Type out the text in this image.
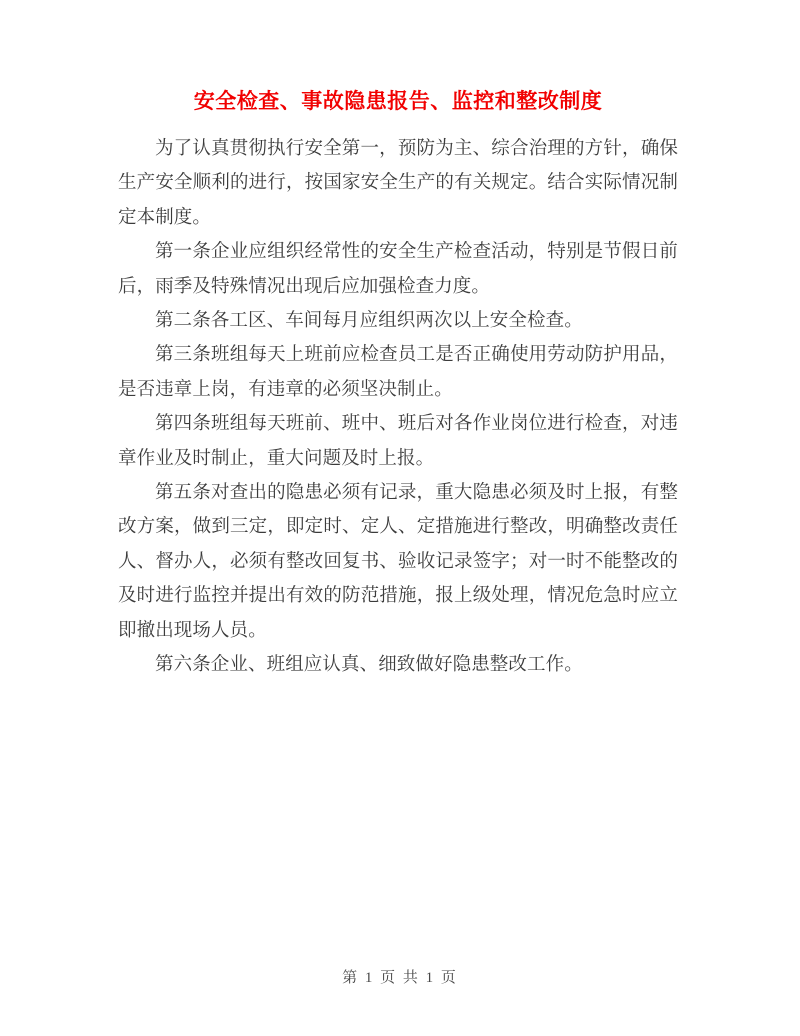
安全检查、事故隐患报告、监控和整改制度

为了认真贯彻执行安全第一，预防为主、综合治理的方针，确保生产安全顺利的进行，按国家安全生产的有关规定。结合实际情况制定本制度。

第一条企业应组织经常性的安全生产检查活动，特别是节假日前后，雨季及特殊情况出现后应加强检查力度。

第二条各工区、车间每月应组织两次以上安全检查。

第三条班组每天上班前应检查员工是否正确使用劳动防护用品，是否违章上岗，有违章的必须坚决制止。

第四条班组每天班前、班中、班后对各作业岗位进行检查，对违章作业及时制止，重大问题及时上报。

第五条对查出的隐患必须有记录，重大隐患必须及时上报，有整改方案，做到三定，即定时、定人、定措施进行整改，明确整改责任人、督办人，必须有整改回复书、验收记录签字；对一时不能整改的及时进行监控并提出有效的防范措施，报上级处理，情况危急时应立即撤出现场人员。

第六条企业、班组应认真、细致做好隐患整改工作。

第 1 页 共 1 页
